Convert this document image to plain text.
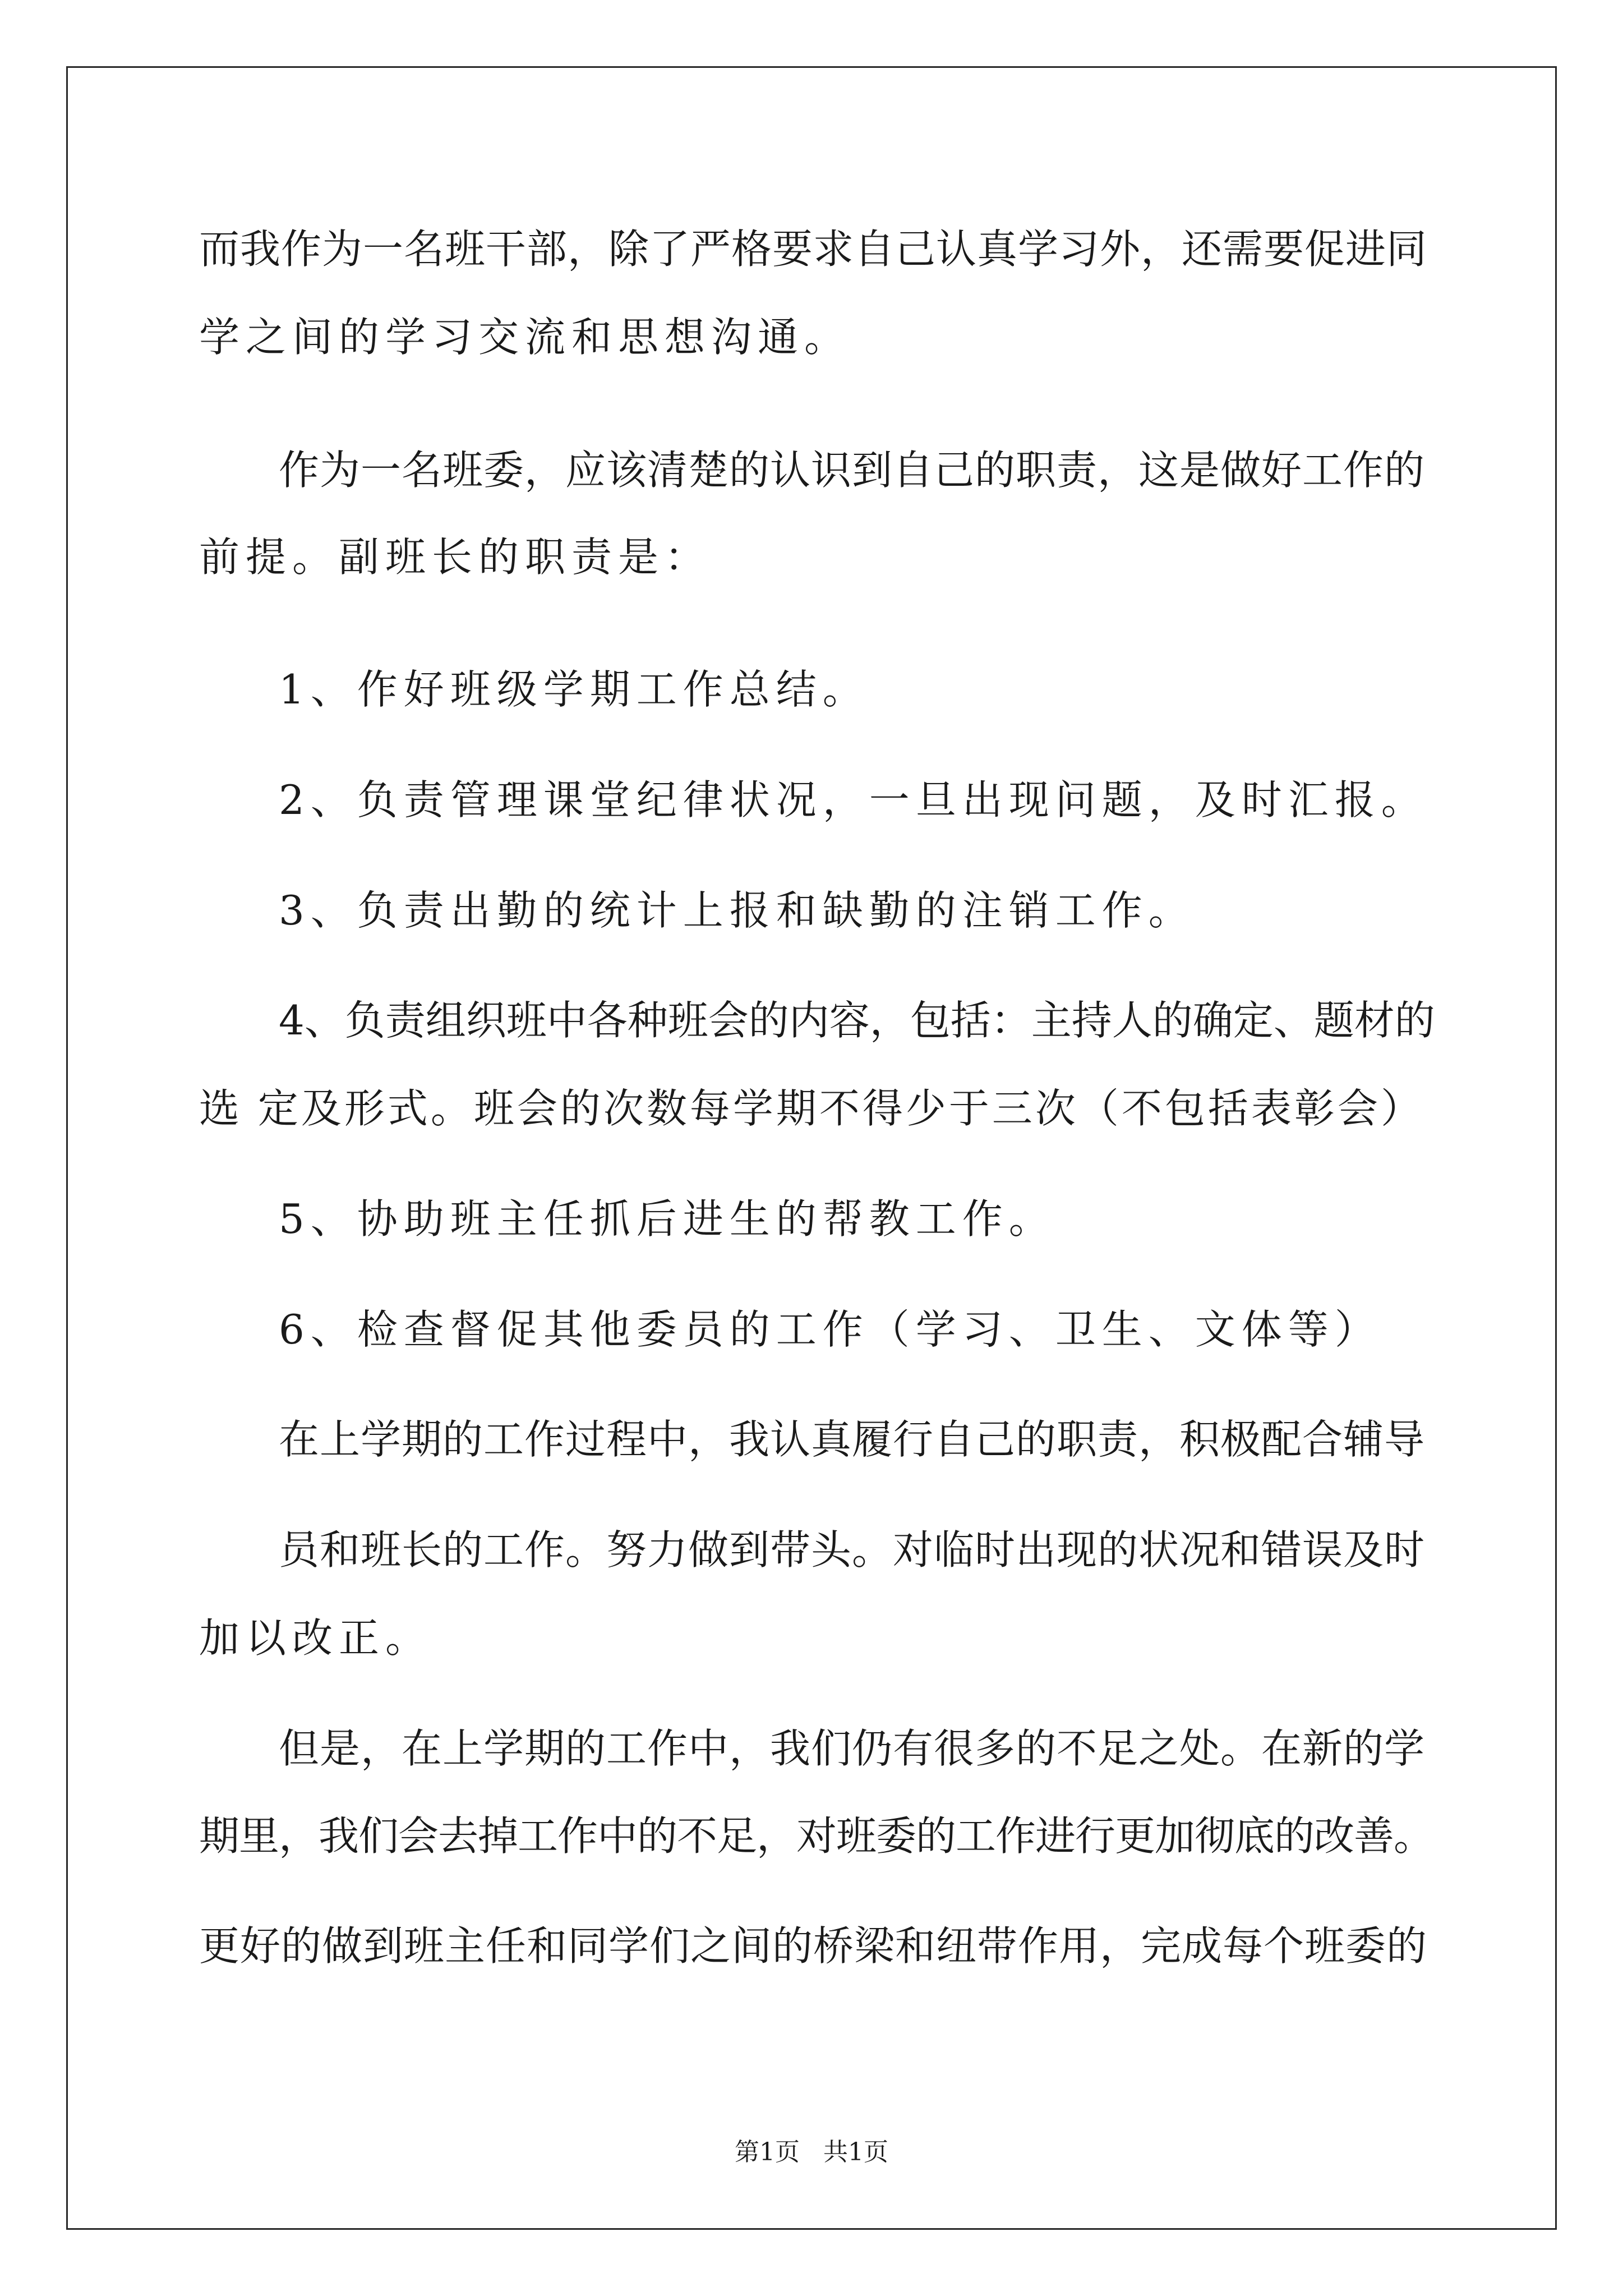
而我作为一名班干部，除了严格要求自己认真学习外，还需要促进同
学之间的学习交流和思想沟通。
作为一名班委，应该清楚的认识到自己的职责，这是做好工作的
前提。副班长的职责是：
1、作好班级学期工作总结。
2、负责管理课堂纪律状况，一旦出现问题，及时汇报。
3、负责出勤的统计上报和缺勤的注销工作。
4、负责组织班中各种班会的内容，包括：主持人的确定、题材的
选 定及形式。班会的次数每学期不得少于三次（不包括表彰会）
5、协助班主任抓后进生的帮教工作。
6、检查督促其他委员的工作（学习、卫生、文体等）
在上学期的工作过程中，我认真履行自己的职责，积极配合辅导
员和班长的工作。努力做到带头。对临时出现的状况和错误及时
加以改正。
但是，在上学期的工作中，我们仍有很多的不足之处。在新的学
期里，我们会去掉工作中的不足，对班委的工作进行更加彻底的改善。
更好的做到班主任和同学们之间的桥梁和纽带作用，完成每个班委的
第1页   共1页
